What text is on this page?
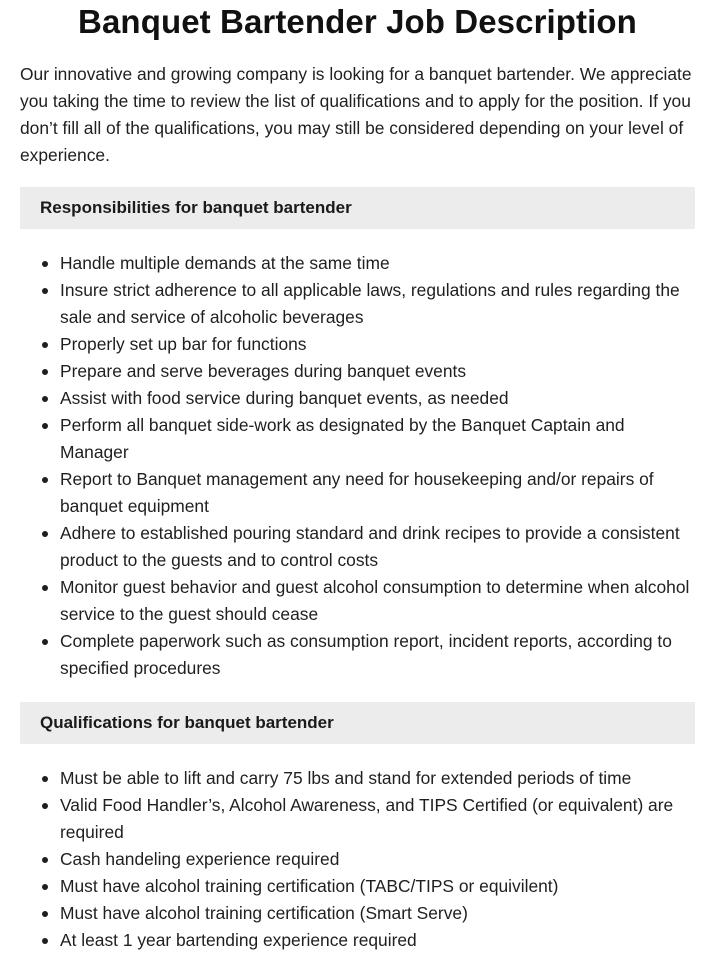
Banquet Bartender Job Description

Our innovative and growing company is looking for a banquet bartender. We appreciate you taking the time to review the list of qualifications and to apply for the position. If you don’t fill all of the qualifications, you may still be considered depending on your level of experience.

Responsibilities for banquet bartender
Handle multiple demands at the same time
Insure strict adherence to all applicable laws, regulations and rules regarding the sale and service of alcoholic beverages
Properly set up bar for functions
Prepare and serve beverages during banquet events
Assist with food service during banquet events, as needed
Perform all banquet side-work as designated by the Banquet Captain and Manager
Report to Banquet management any need for housekeeping and/or repairs of banquet equipment
Adhere to established pouring standard and drink recipes to provide a consistent product to the guests and to control costs
Monitor guest behavior and guest alcohol consumption to determine when alcohol service to the guest should cease
Complete paperwork such as consumption report, incident reports, according to specified procedures
Qualifications for banquet bartender
Must be able to lift and carry 75 lbs and stand for extended periods of time
Valid Food Handler’s, Alcohol Awareness, and TIPS Certified (or equivalent) are required
Cash handeling experience required
Must have alcohol training certification (TABC/TIPS or equivilent)
Must have alcohol training certification (Smart Serve)
At least 1 year bartending experience required
